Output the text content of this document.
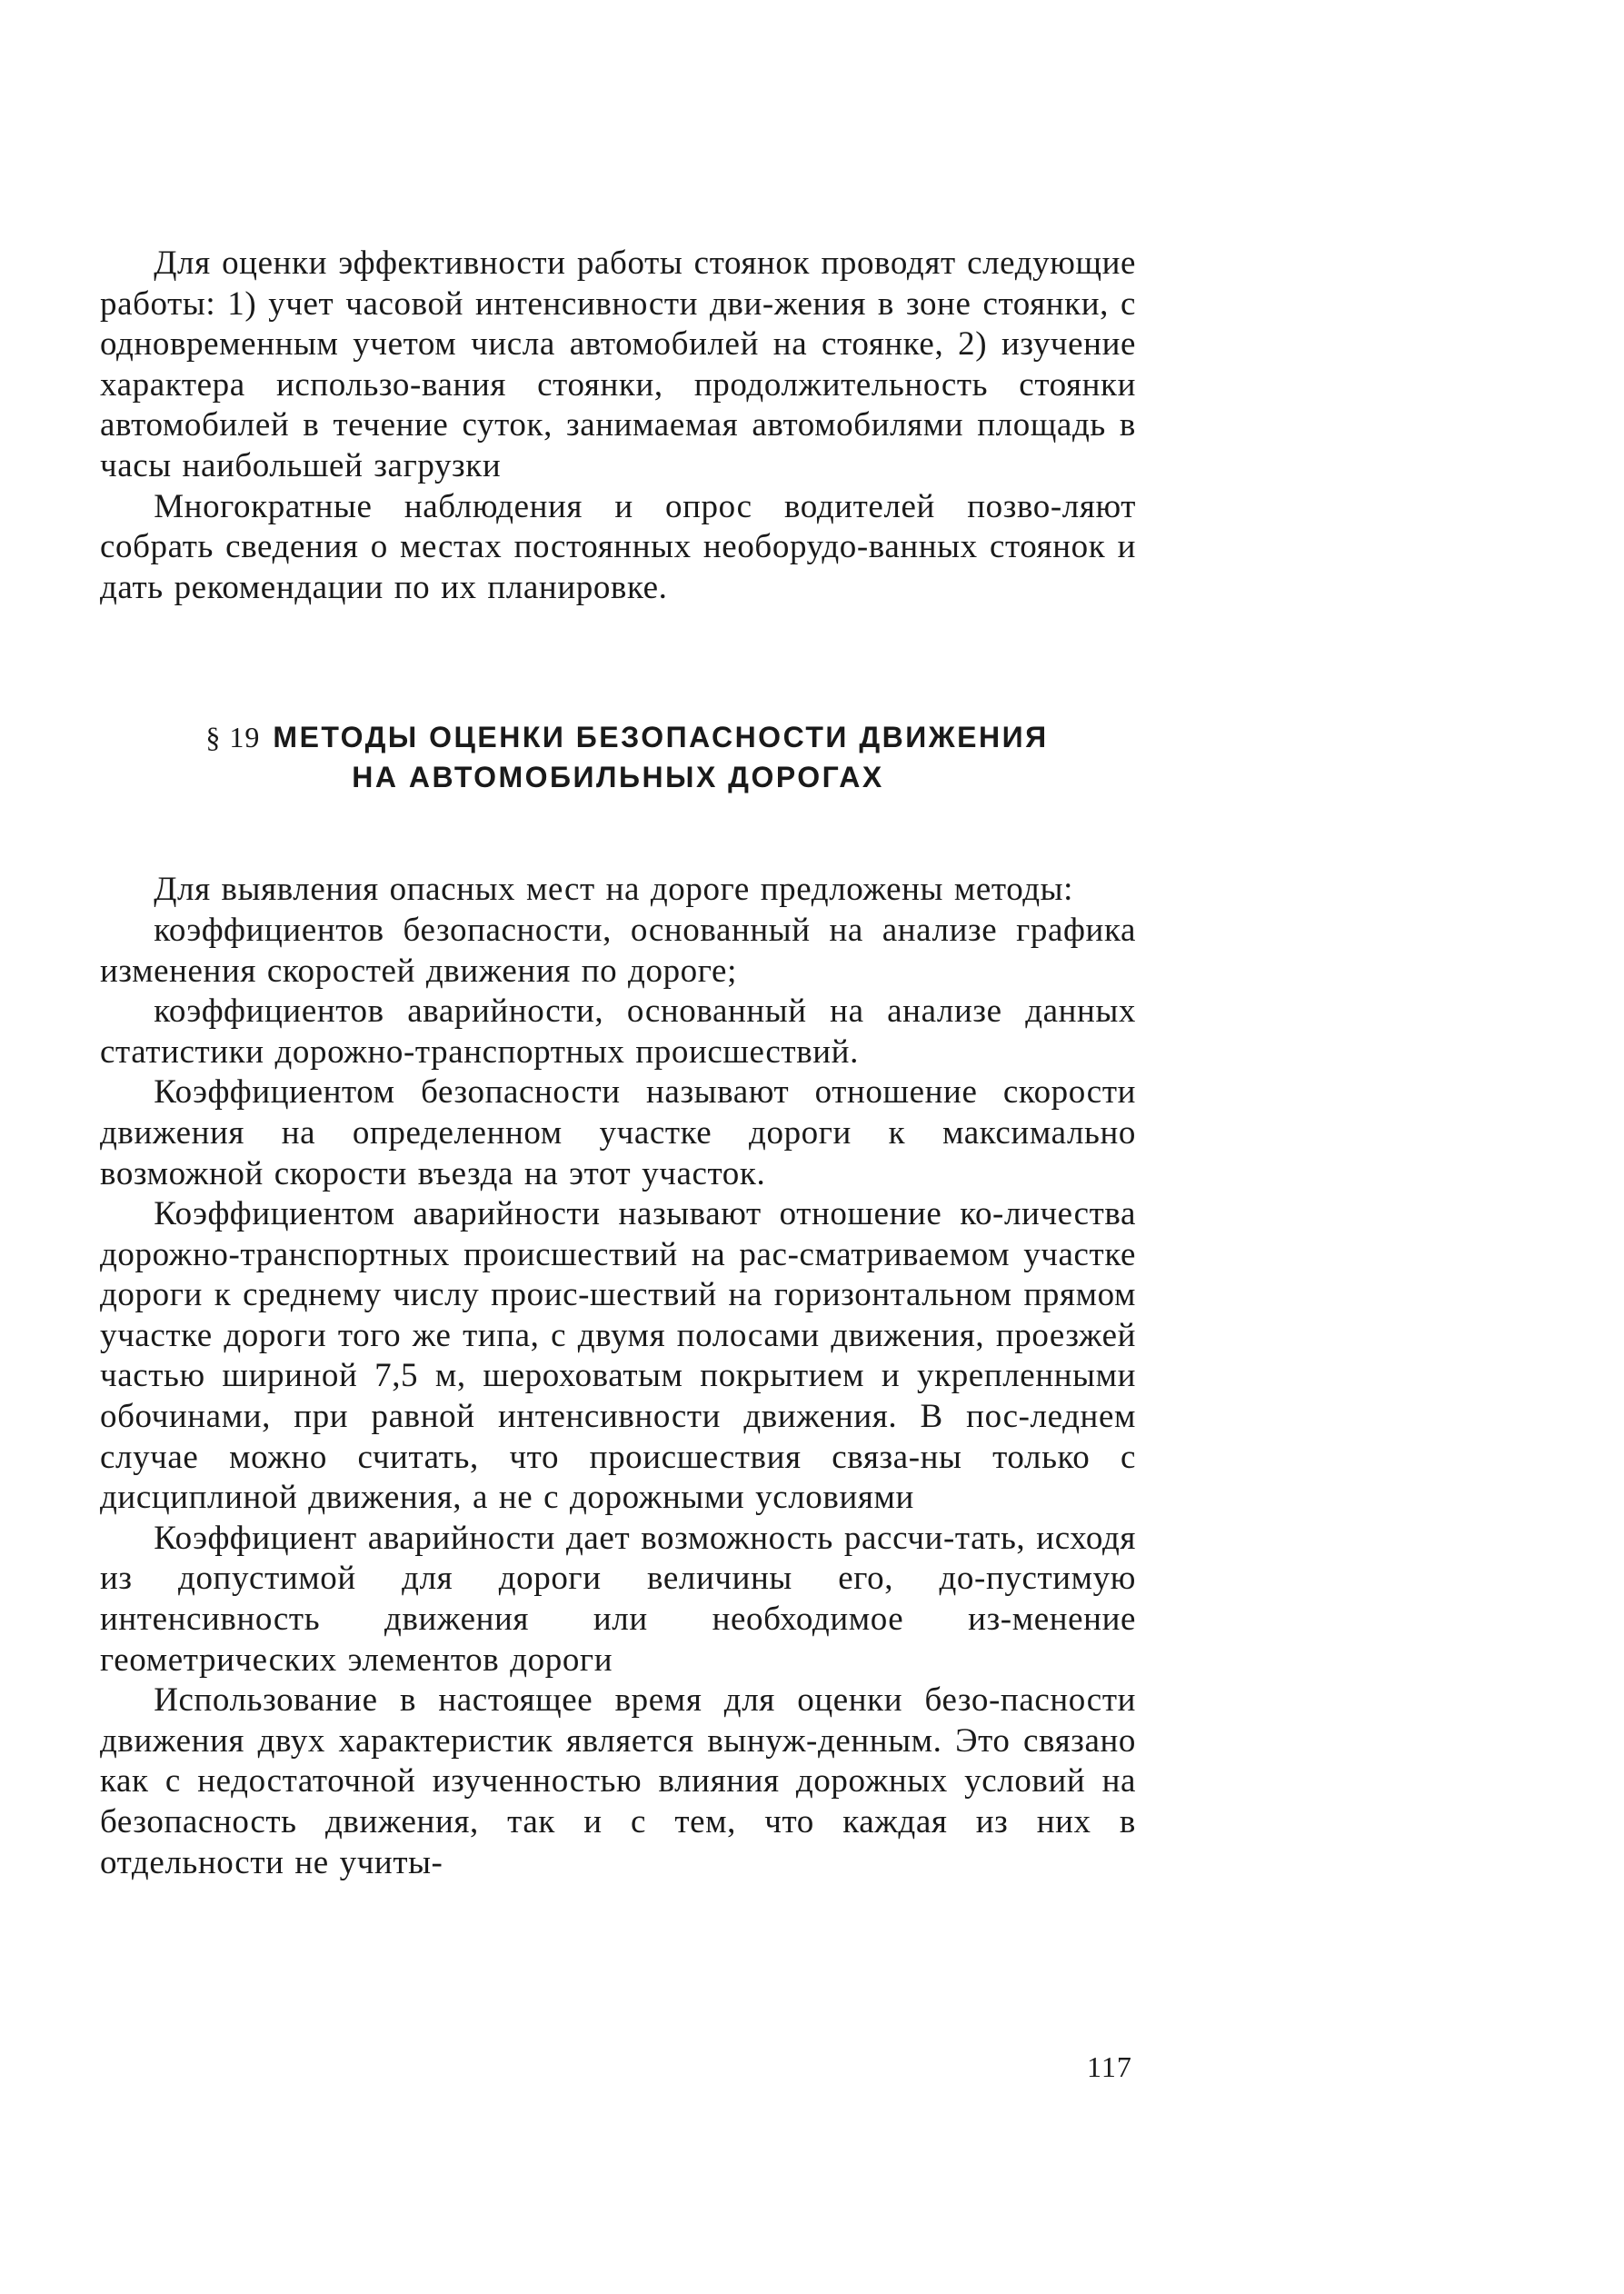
Для оценки эффективности работы стоянок проводят следующие работы: 1) учет часовой интенсивности дви-жения в зоне стоянки, с одновременным учетом числа автомобилей на стоянке, 2) изучение характера использо-вания стоянки, продолжительность стоянки автомобилей в течение суток, занимаемая автомобилями площадь в часы наибольшей загрузки

Многократные наблюдения и опрос водителей позво-ляют собрать сведения о местах постоянных необорудо-ванных стоянок и дать рекомендации по их планировке.

§ 19 МЕТОДЫ ОЦЕНКИ БЕЗОПАСНОСТИ ДВИЖЕНИЯ
НА АВТОМОБИЛЬНЫХ ДОРОГАХ

Для выявления опасных мест на дороге предложены методы:

коэффициентов безопасности, основанный на анализе графика изменения скоростей движения по дороге;

коэффициентов аварийности, основанный на анализе данных статистики дорожно-транспортных происшествий.

Коэффициентом безопасности называют отношение скорости движения на определенном участке дороги к максимально возможной скорости въезда на этот участок.

Коэффициентом аварийности называют отношение ко-личества дорожно-транспортных происшествий на рас-сматриваемом участке дороги к среднему числу проис-шествий на горизонтальном прямом участке дороги того же типа, с двумя полосами движения, проезжей частью шириной 7,5 м, шероховатым покрытием и укрепленными обочинами, при равной интенсивности движения. В пос-леднем случае можно считать, что происшествия связа-ны только с дисциплиной движения, а не с дорожными условиями

Коэффициент аварийности дает возможность рассчи-тать, исходя из допустимой для дороги величины его, до-пустимую интенсивность движения или необходимое из-менение геометрических элементов дороги

Использование в настоящее время для оценки безо-пасности движения двух характеристик является вынуж-денным. Это связано как с недостаточной изученностью влияния дорожных условий на безопасность движения, так и с тем, что каждая из них в отдельности не учиты-

117
